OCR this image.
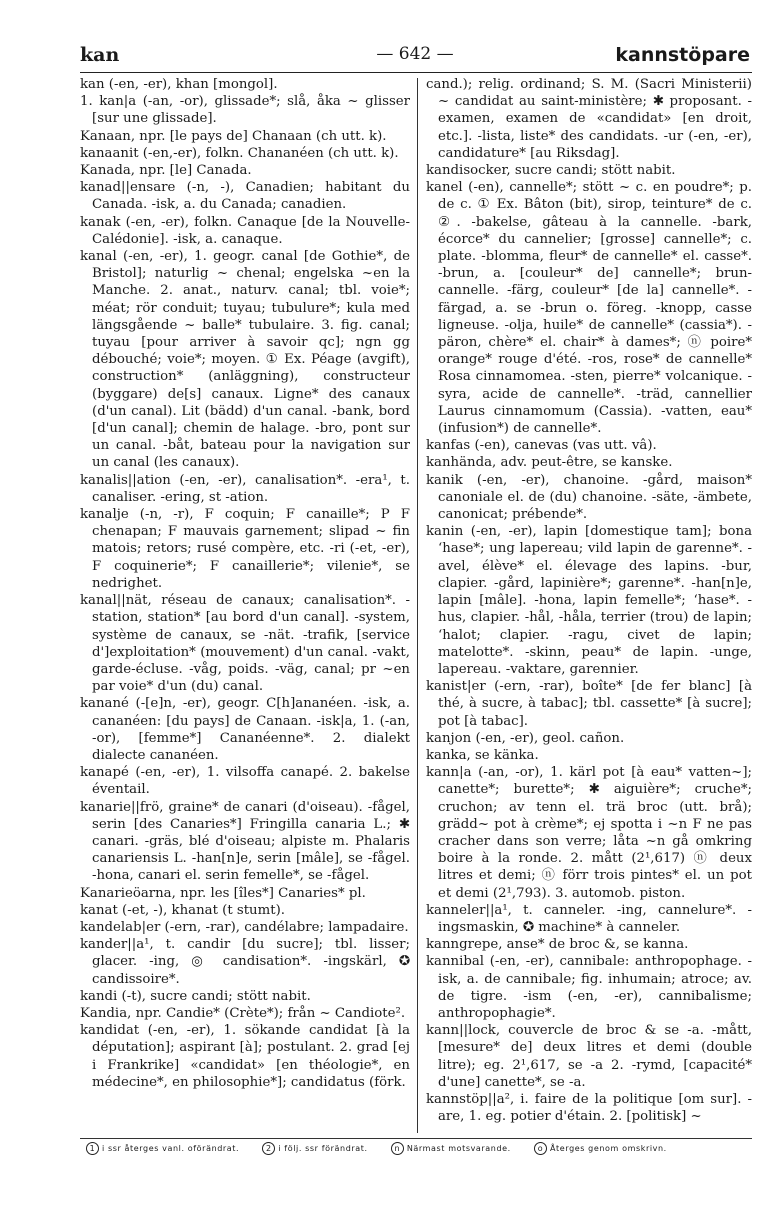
kan	— 642 —	kannstöpare

kan (-en, -er), khan [mongol].

1. kan|a (-an, -or), glissade*; slå, åka ~ glisser [sur une glissade].

Kanaan, npr. [le pays de] Chanaan (ch utt. k).

kanaanit (-en,-er), folkn. Chananéen (ch utt. k).

Kanada, npr. [le] Canada.

kanad||ensare (-n, -), Canadien; habitant du Canada. -isk, a. du Canada; canadien.

kanak (-en, -er), folkn. Canaque [de la Nouvelle-Calédonie]. -isk, a. canaque.

kanal (-en, -er), 1. geogr. canal [de Gothie*, de Bristol]; naturlig ~ chenal; engelska ~en la Manche. 2. anat., naturv. canal; tbl. voie*; méat; rör conduit; tuyau; tubulure*; kula med längsgående ~ balle* tubulaire. 3. fig. canal; tuyau [pour arriver à savoir qc]; ngn gg débouché; voie*; moyen. ① Ex. Péage (avgift), construction* (anläggning), constructeur (byggare) de[s] canaux. Ligne* des canaux (d'un canal). Lit (bädd) d'un canal. -bank, bord [d'un canal]; chemin de halage. -bro, pont sur un canal. -båt, bateau pour la navigation sur un canal (les canaux).

kanalis||ation (-en, -er), canalisation*. -era¹, t. canaliser. -ering, st -ation.

kanalje (-n, -r), F coquin; F canaille*; P F chenapan; F mauvais garnement; slipad ~ fin matois; retors; rusé compère, etc. -ri (-et, -er), F coquinerie*; F canaillerie*; vilenie*, se nedrighet.

kanal||nät, réseau de canaux; canalisation*. -station, station* [au bord d'un canal]. -system, système de canaux, se -nät. -trafik, [service d']exploitation* (mouvement) d'un canal. -vakt, garde-écluse. -våg, poids. -väg, canal; pr ~en par voie* d'un (du) canal.

kanané (-[e]n, -er), geogr. C[h]ananéen. -isk, a. cananéen: [du pays] de Canaan. -isk|a, 1. (-an, -or), [femme*] Cananéenne*. 2. dialekt dialecte cananéen.

kanapé (-en, -er), 1. vilsoffa canapé. 2. bakelse éventail.

kanarie||frö, graine* de canari (d'oiseau). -fågel, serin [des Canaries*] Fringilla canaria L.; ✱ canari. -gräs, blé d'oiseau; alpiste m. Phalaris canariensis L. -han[n]e, serin [mâle], se -fågel. -hona, canari el. serin femelle*, se -fågel.

Kanarieöarna, npr. les [îles*] Canaries* pl.

kanat (-et, -), khanat (t stumt).

kandelab|er (-ern, -rar), candélabre; lampadaire.

kander||a¹, t. candir [du sucre]; tbl. lisser; glacer. -ing, ◎ candisation*. -ingskärl, ✪ candissoire*.

kandi (-t), sucre candi; stött nabit.

Kandia, npr. Candie* (Crète*); från ~ Candiote².

kandidat (-en, -er), 1. sökande candidat [à la députation]; aspirant [à]; postulant. 2. grad [ej i Frankrike] «candidat» [en théologie*, en médecine*, en philosophie*]; candidatus (förk.

cand.); relig. ordinand; S. M. (Sacri Ministerii) ~ candidat au saint-ministère; ✱ proposant. -examen, examen de «candidat» [en droit, etc.]. -lista, liste* des candidats. -ur (-en, -er), candidature* [au Riksdag].

kandisocker, sucre candi; stött nabit.

kanel (-en), cannelle*; stött ~ c. en poudre*; p. de c. ① Ex. Bâton (bit), sirop, teinture* de c. ②. -bakelse, gâteau à la cannelle. -bark, écorce* du cannelier; [grosse] cannelle*; c. plate. -blomma, fleur* de cannelle* el. casse*. -brun, a. [couleur* de] cannelle*; brun-cannelle. -färg, couleur* [de la] cannelle*. -färgad, a. se -brun o. föreg. -knopp, casse ligneuse. -olja, huile* de cannelle* (cassia*). -päron, chère* el. chair* à dames*; ⓝ poire* orange* rouge d'été. -ros, rose* de cannelle* Rosa cinnamomea. -sten, pierre* volcanique. -syra, acide de cannelle*. -träd, cannellier Laurus cinnamomum (Cassia). -vatten, eau* (infusion*) de cannelle*.

kanfas (-en), canevas (vas utt. vâ).

kanhända, adv. peut-être, se kanske.

kanik (-en, -er), chanoine. -gård, maison* canoniale el. de (du) chanoine. -säte, -ämbete, canonicat; prébende*.

kanin (-en, -er), lapin [domestique tam]; bona ʻhase*; ung lapereau; vild lapin de garenne*. -avel, élève* el. élevage des lapins. -bur, clapier. -gård, lapinière*; garenne*. -han[n]e, lapin [mâle]. -hona, lapin femelle*; ʻhase*. -hus, clapier. -hål, -håla, terrier (trou) de lapin; ʻhalot; clapier. -ragu, civet de lapin; matelotte*. -skinn, peau* de lapin. -unge, lapereau. -vaktare, garennier.

kanist|er (-ern, -rar), boîte* [de fer blanc] [à thé, à sucre, à tabac]; tbl. cassette* [à sucre]; pot [à tabac].

kanjon (-en, -er), geol. cañon.

kanka, se känka.

kann|a (-an, -or), 1. kärl pot [à eau* vatten~]; canette*; burette*; ✱ aiguière*; cruche*; cruchon; av tenn el. trä broc (utt. brå); grädd~ pot à crème*; ej spotta i ~n F ne pas cracher dans son verre; låta ~n gå omkring boire à la ronde. 2. mått (2¹,617) ⓝ deux litres et demi; ⓝ förr trois pintes* el. un pot et demi (2¹,793). 3. automob. piston.

kanneler||a¹, t. canneler. -ing, cannelure*. -ingsmaskin, ✪ machine* à canneler.

kanngrepe, anse* de broc &, se kanna.

kannibal (-en, -er), cannibale: anthropophage. -isk, a. de cannibale; fig. inhumain; atroce; av. de tigre. -ism (-en, -er), cannibalisme; anthropophagie*.

kann||lock, couvercle de broc & se -a. -mått, [mesure* de] deux litres et demi (double litre); eg. 2¹,617, se -a 2. -rymd, [capacité* d'une] canette*, se -a.

kannstöp||a², i. faire de la politique [om sur]. -are, 1. eg. potier d'étain. 2. [politisk] ~

1 i ssr återges vanl. oförändrat.	2 i följ. ssr förändrat.	n Närmast motsvarande.	o Återges genom omskrivn.
